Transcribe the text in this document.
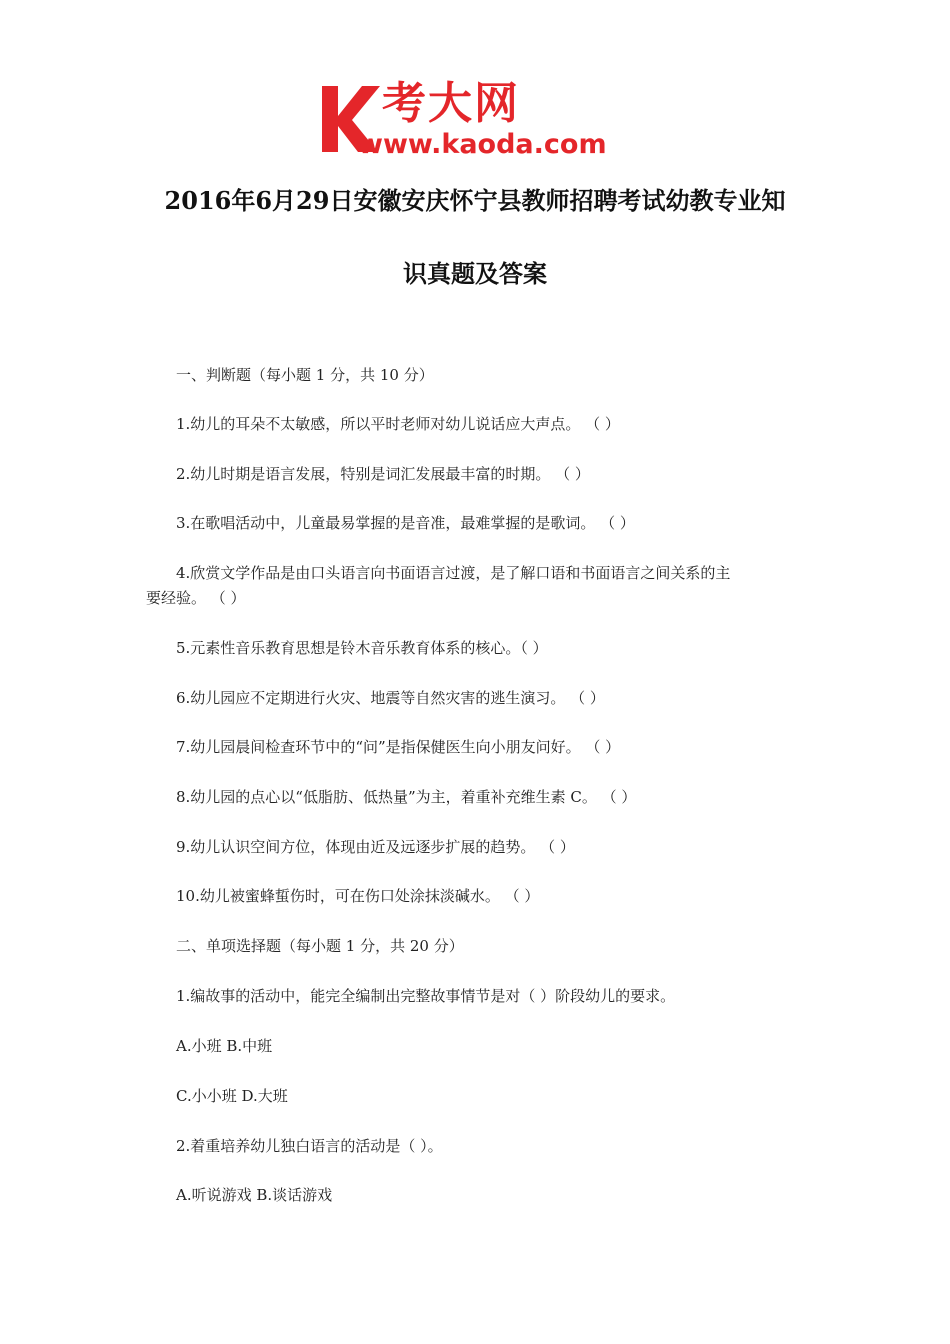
考大网
www.kaoda.com
2016年6月29日安徽安庆怀宁县教师招聘考试幼教专业知
识真题及答案
一、判断题（每小题 1 分，共 10 分）
1.幼儿的耳朵不太敏感，所以平时老师对幼儿说话应大声点。 （ ）
2.幼儿时期是语言发展，特别是词汇发展最丰富的时期。 （ ）
3.在歌唱活动中，儿童最易掌握的是音准，最难掌握的是歌词。 （ ）
4.欣赏文学作品是由口头语言向书面语言过渡，是了解口语和书面语言之间关系的主
要经验。 （ ）
5.元素性音乐教育思想是铃木音乐教育体系的核心。（ ）
6.幼儿园应不定期进行火灾、地震等自然灾害的逃生演习。 （ ）
7.幼儿园晨间检查环节中的“问”是指保健医生向小朋友问好。 （ ）
8.幼儿园的点心以“低脂肪、低热量”为主，着重补充维生素 C。 （ ）
9.幼儿认识空间方位，体现由近及远逐步扩展的趋势。 （ ）
10.幼儿被蜜蜂蜇伤时，可在伤口处涂抹淡碱水。 （ ）
二、单项选择题（每小题 1 分，共 20 分）
1.编故事的活动中，能完全编制出完整故事情节是对（ ）阶段幼儿的要求。
A.小班 B.中班
C.小小班 D.大班
2.着重培养幼儿独白语言的活动是（ ）。
A.听说游戏 B.谈话游戏
